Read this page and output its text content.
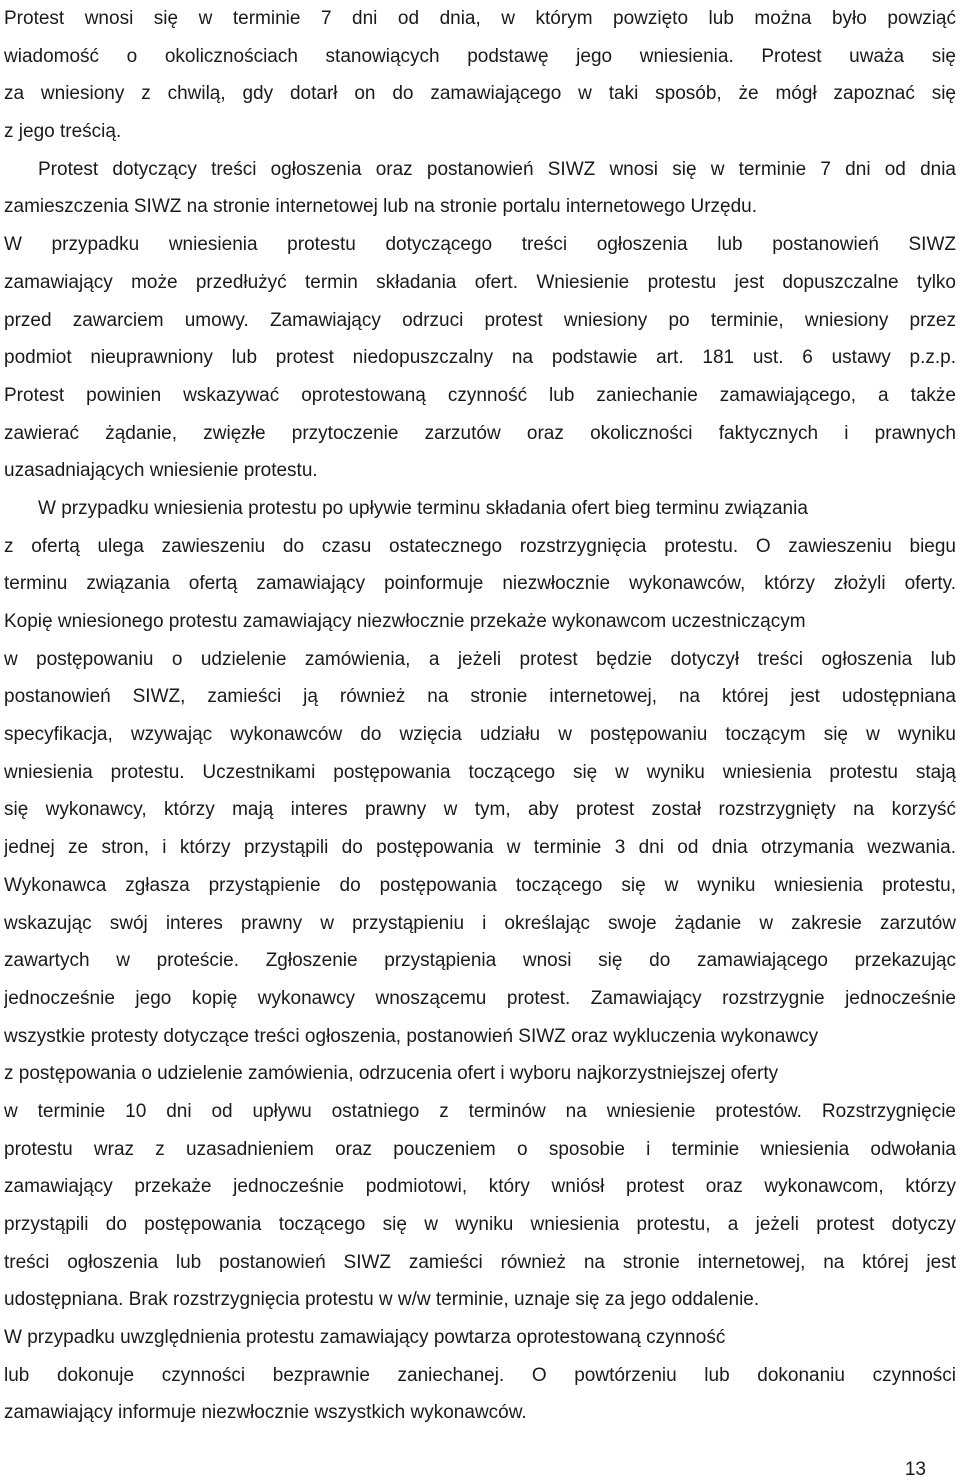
Protest wnosi się w terminie 7 dni od dnia, w którym powzięto lub można było powziąć
wiadomość o okolicznościach stanowiących podstawę jego wniesienia. Protest uważa się
za wniesiony z chwilą, gdy dotarł on do zamawiającego w taki sposób, że mógł zapoznać się
z jego treścią.
Protest dotyczący treści ogłoszenia oraz postanowień SIWZ wnosi się w terminie 7 dni od dnia
zamieszczenia SIWZ na stronie internetowej lub na stronie portalu internetowego Urzędu.
W przypadku wniesienia protestu dotyczącego treści ogłoszenia lub postanowień SIWZ
zamawiający może przedłużyć termin składania ofert. Wniesienie protestu jest dopuszczalne tylko
przed zawarciem umowy. Zamawiający odrzuci protest wniesiony po terminie, wniesiony przez
podmiot nieuprawniony lub protest niedopuszczalny na podstawie art. 181 ust. 6 ustawy p.z.p.
Protest powinien wskazywać oprotestowaną czynność lub zaniechanie zamawiającego, a także
zawierać żądanie, zwięzłe przytoczenie zarzutów oraz okoliczności faktycznych i prawnych
uzasadniających wniesienie protestu.
W przypadku wniesienia protestu po upływie terminu składania ofert bieg terminu związania
z ofertą ulega zawieszeniu do czasu ostatecznego rozstrzygnięcia protestu. O zawieszeniu biegu
terminu związania ofertą zamawiający poinformuje niezwłocznie wykonawców, którzy złożyli oferty.
Kopię wniesionego protestu zamawiający niezwłocznie przekaże wykonawcom uczestniczącym
w postępowaniu o udzielenie zamówienia, a jeżeli protest będzie dotyczył treści ogłoszenia lub
postanowień SIWZ, zamieści ją również na stronie internetowej, na której jest udostępniana
specyfikacja, wzywając wykonawców do wzięcia udziału w postępowaniu toczącym się w wyniku
wniesienia protestu. Uczestnikami postępowania toczącego się w wyniku wniesienia protestu stają
się wykonawcy, którzy mają interes prawny w tym, aby protest został rozstrzygnięty na korzyść
jednej ze stron, i którzy przystąpili do postępowania w terminie 3 dni od dnia otrzymania wezwania.
Wykonawca zgłasza przystąpienie do postępowania toczącego się w wyniku wniesienia protestu,
wskazując swój interes prawny w przystąpieniu i określając swoje żądanie w zakresie zarzutów
zawartych w proteście. Zgłoszenie przystąpienia wnosi się do zamawiającego przekazując
jednocześnie jego kopię wykonawcy wnoszącemu protest. Zamawiający rozstrzygnie jednocześnie
wszystkie protesty dotyczące treści ogłoszenia, postanowień SIWZ oraz wykluczenia wykonawcy
z postępowania o udzielenie zamówienia, odrzucenia ofert i wyboru najkorzystniejszej oferty
w terminie 10 dni od upływu ostatniego z terminów na wniesienie protestów. Rozstrzygnięcie
protestu wraz z uzasadnieniem oraz pouczeniem o sposobie i terminie wniesienia odwołania
zamawiający przekaże jednocześnie podmiotowi, który wniósł protest oraz wykonawcom, którzy
przystąpili do postępowania toczącego się w wyniku wniesienia protestu, a jeżeli protest dotyczy
treści ogłoszenia lub postanowień SIWZ zamieści również na stronie internetowej, na której jest
udostępniana. Brak rozstrzygnięcia protestu w w/w terminie, uznaje się za jego oddalenie.
W przypadku uwzględnienia protestu zamawiający powtarza oprotestowaną czynność
lub dokonuje czynności bezprawnie zaniechanej. O powtórzeniu lub dokonaniu czynności
zamawiający informuje niezwłocznie wszystkich wykonawców.
13
